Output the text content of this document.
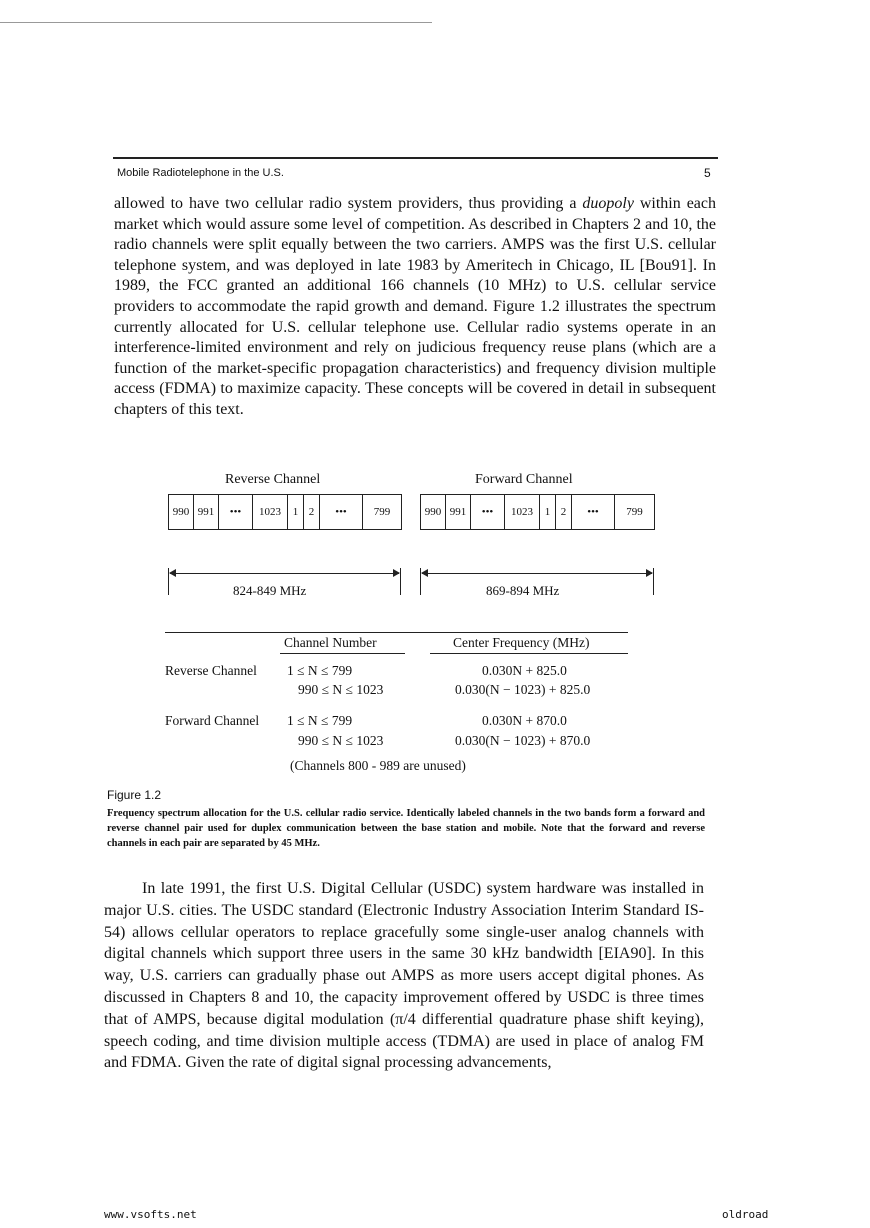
Mobile Radiotelephone in the U.S.	5

allowed to have two cellular radio system providers, thus providing a duopoly within each market which would assure some level of competition. As described in Chapters 2 and 10, the radio channels were split equally between the two carriers. AMPS was the first U.S. cellular telephone system, and was deployed in late 1983 by Ameritech in Chicago, IL [Bou91]. In 1989, the FCC granted an additional 166 channels (10 MHz) to U.S. cellular service providers to accommodate the rapid growth and demand. Figure 1.2 illustrates the spectrum currently allocated for U.S. cellular telephone use. Cellular radio systems operate in an interference-limited environment and rely on judicious frequency reuse plans (which are a function of the market-specific propagation characteristics) and frequency division multiple access (FDMA) to maximize capacity. These concepts will be covered in detail in subsequent chapters of this text.

Reverse Channel	Forward Channel
990 991	•••	1023	1 2	•••	799	990 991	•••	1023	1 2	•••	799
824-849 MHz	869-894 MHz
Channel Number	Center Frequency (MHz)
Reverse Channel 1 ≤ N ≤ 799	0.030N + 825.0
990 ≤ N ≤ 1023	0.030(N − 1023) + 825.0
Forward Channel 1 ≤ N ≤ 799	0.030N + 870.0
990 ≤ N ≤ 1023	0.030(N − 1023) + 870.0
(Channels 800 - 989 are unused)
Figure 1.2
Frequency spectrum allocation for the U.S. cellular radio service. Identically labeled channels in the two bands form a forward and reverse channel pair used for duplex communication between the base station and mobile. Note that the forward and reverse channels in each pair are separated by 45 MHz.

In late 1991, the first U.S. Digital Cellular (USDC) system hardware was installed in major U.S. cities. The USDC standard (Electronic Industry Association Interim Standard IS-54) allows cellular operators to replace gracefully some single-user analog channels with digital channels which support three users in the same 30 kHz bandwidth [EIA90]. In this way, U.S. carriers can gradually phase out AMPS as more users accept digital phones. As discussed in Chapters 8 and 10, the capacity improvement offered by USDC is three times that of AMPS, because digital modulation (π/4 differential quadrature phase shift keying), speech coding, and time division multiple access (TDMA) are used in place of analog FM and FDMA. Given the rate of digital signal processing advancements,

www.vsofts.net	oldroad
